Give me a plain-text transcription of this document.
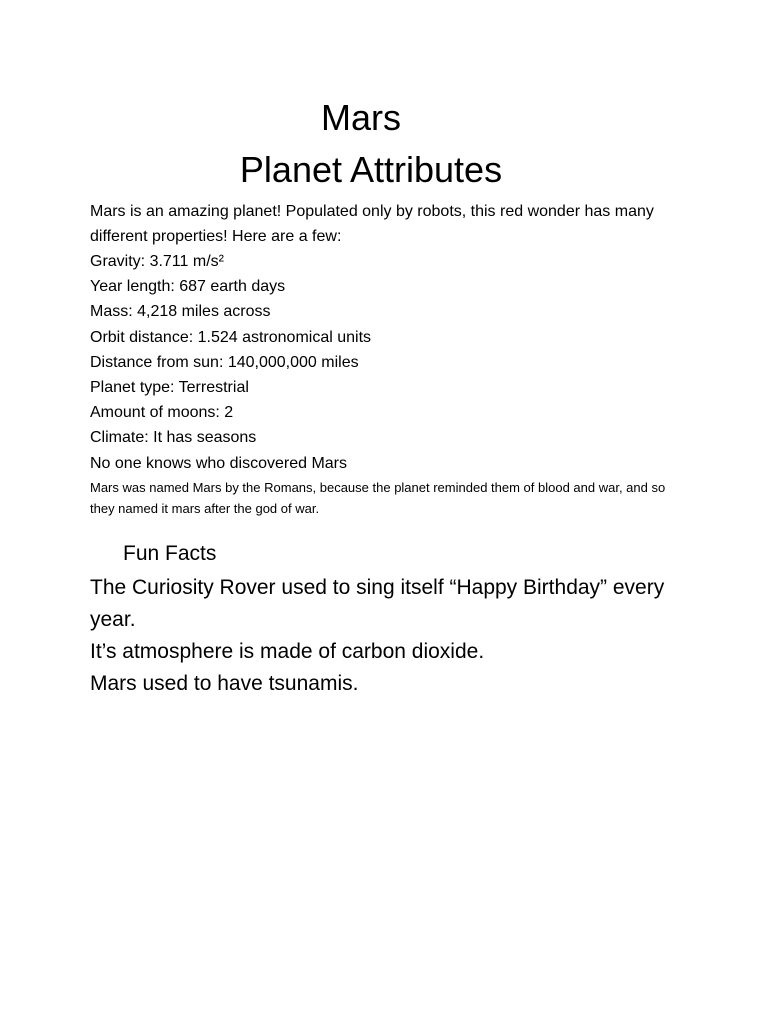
Mars
Planet Attributes

Mars is an amazing planet! Populated only by robots, this red wonder has many different properties! Here are a few:

Gravity: 3.711 m/s²
Year length: 687 earth days
Mass: 4,218 miles across
Orbit distance: 1.524 astronomical units
Distance from sun: 140,000,000 miles
Planet type: Terrestrial
Amount of moons: 2
Climate: It has seasons
No one knows who discovered Mars

Mars was named Mars by the Romans, because the planet reminded them of blood and war, and so they named it mars after the god of war.

Fun Facts
The Curiosity Rover used to sing itself “Happy Birthday” every year.
It’s atmosphere is made of carbon dioxide.
Mars used to have tsunamis.
